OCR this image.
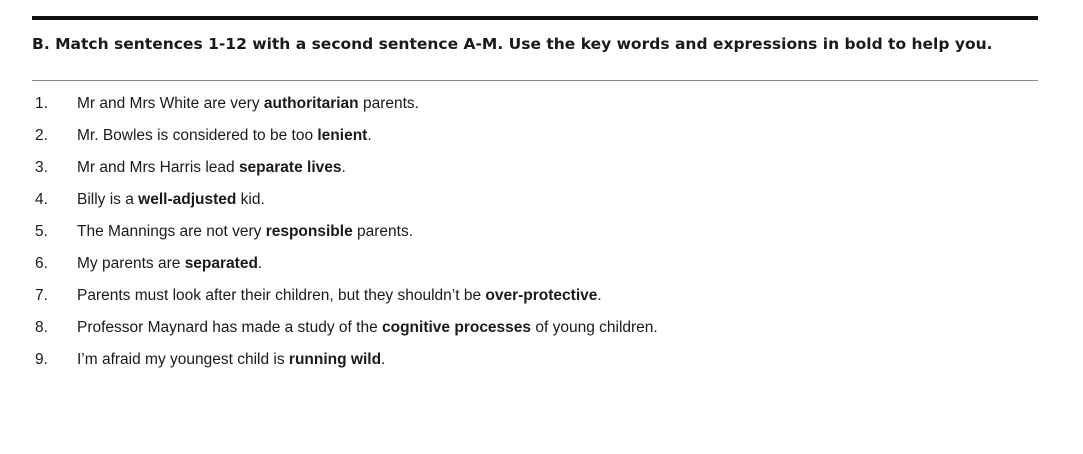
B. Match sentences 1-12 with a second sentence A-M. Use the key words and expressions in bold to help you.
1.	Mr and Mrs White are very authoritarian parents.
2.	Mr. Bowles is considered to be too lenient.
3.	Mr and Mrs Harris lead separate lives.
4.	Billy is a well-adjusted kid.
5.	The Mannings are not very responsible parents.
6.	My parents are separated.
7.	Parents must look after their children, but they shouldn’t be over-protective.
8.	Professor Maynard has made a study of the cognitive processes of young children.
9.	I’m afraid my youngest child is running wild.
